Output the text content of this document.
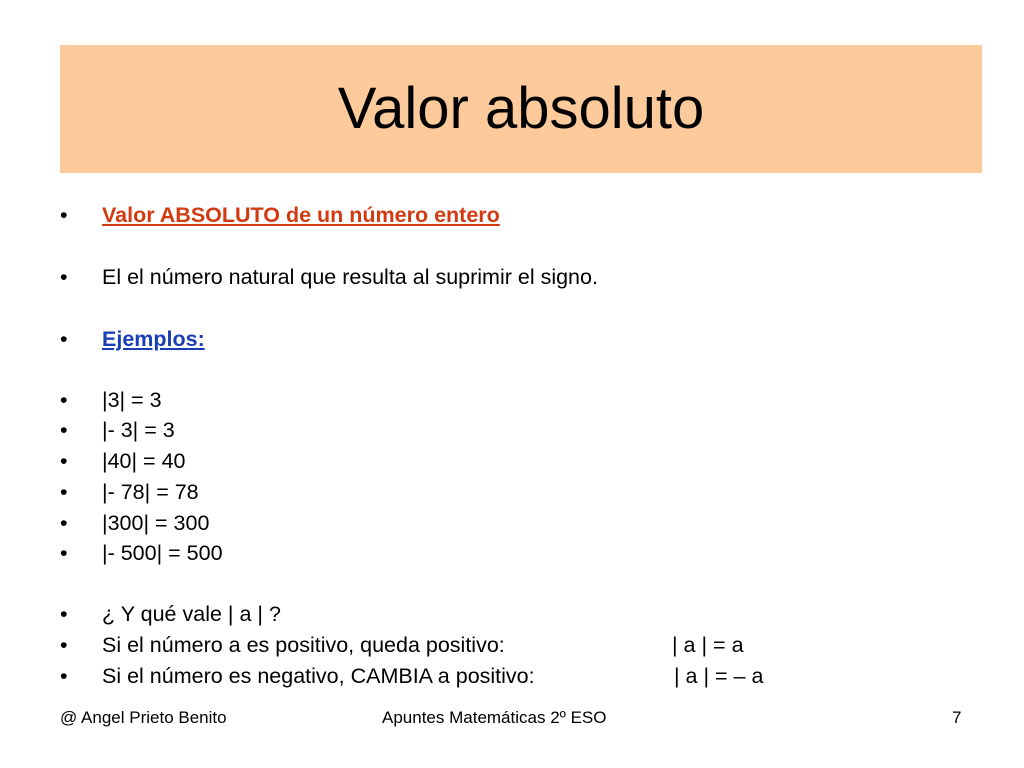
Valor absoluto
• Valor ABSOLUTO de un número entero
• El el número natural que resulta al suprimir el signo.
• Ejemplos:
• |3| = 3
• |- 3| = 3
• |40| = 40
• |- 78| = 78
• |300| = 300
• |- 500| = 500
• ¿ Y qué vale | a | ?
• Si el número a es positivo, queda positivo:	| a | = a
• Si el número es negativo, CAMBIA a positivo:	| a | = – a
@ Angel Prieto Benito	Apuntes Matemáticas 2º ESO	7
